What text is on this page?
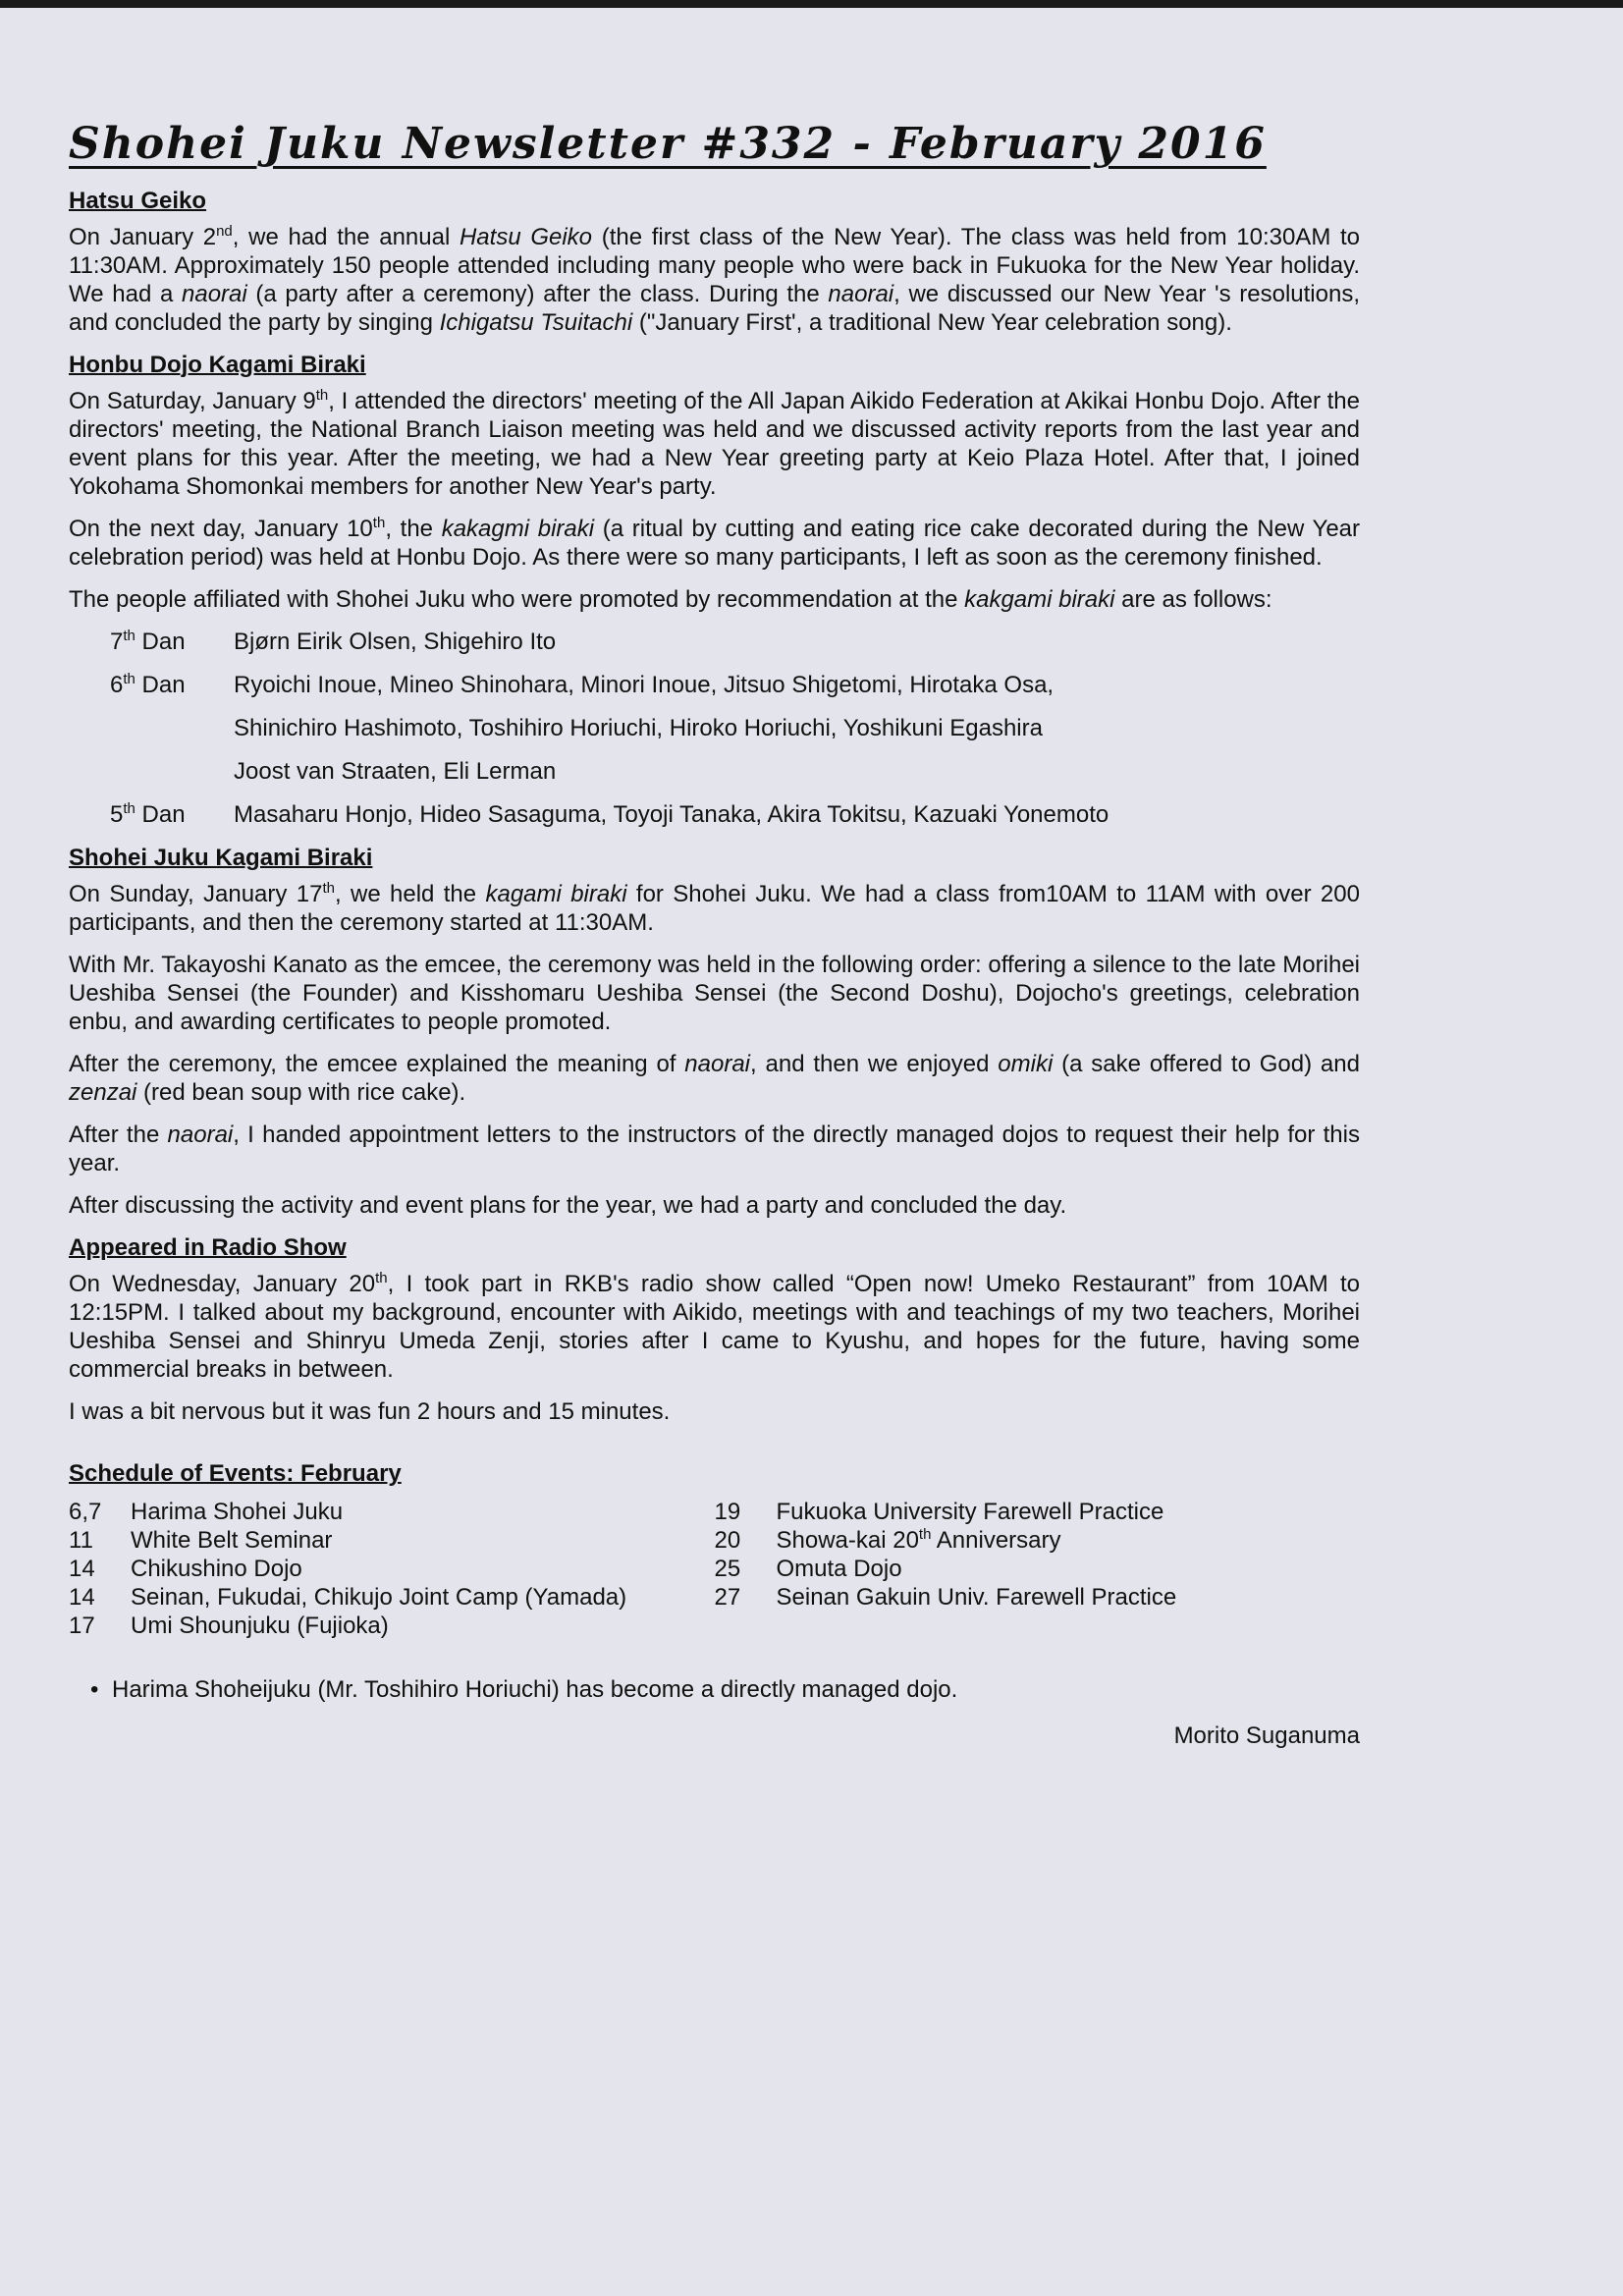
Shohei Juku Newsletter #332 - February 2016
Hatsu Geiko

On January 2nd, we had the annual Hatsu Geiko (the first class of the New Year). The class was held from 10:30AM to 11:30AM. Approximately 150 people attended including many people who were back in Fukuoka for the New Year holiday. We had a naorai (a party after a ceremony) after the class. During the naorai, we discussed our New Year 's resolutions, and concluded the party by singing Ichigatsu Tsuitachi ("January First', a traditional New Year celebration song).

Honbu Dojo Kagami Biraki

On Saturday, January 9th, I attended the directors' meeting of the All Japan Aikido Federation at Akikai Honbu Dojo. After the directors' meeting, the National Branch Liaison meeting was held and we discussed activity reports from the last year and event plans for this year. After the meeting, we had a New Year greeting party at Keio Plaza Hotel. After that, I joined Yokohama Shomonkai members for another New Year's party.

On the next day, January 10th, the kakagmi biraki (a ritual by cutting and eating rice cake decorated during the New Year celebration period) was held at Honbu Dojo. As there were so many participants, I left as soon as the ceremony finished.

The people affiliated with Shohei Juku who were promoted by recommendation at the kakgami biraki are as follows:

7th Dan	Bjørn Eirik Olsen, Shigehiro Ito
6th Dan	Ryoichi Inoue, Mineo Shinohara, Minori Inoue, Jitsuo Shigetomi, Hirotaka Osa,
Shinichiro Hashimoto, Toshihiro Horiuchi, Hiroko Horiuchi, Yoshikuni Egashira
Joost van Straaten, Eli Lerman
5th Dan	Masaharu Honjo, Hideo Sasaguma, Toyoji Tanaka, Akira Tokitsu, Kazuaki Yonemoto
Shohei Juku Kagami Biraki

On Sunday, January 17th, we held the kagami biraki for Shohei Juku. We had a class from10AM to 11AM with over 200 participants, and then the ceremony started at 11:30AM.

With Mr. Takayoshi Kanato as the emcee, the ceremony was held in the following order: offering a silence to the late Morihei Ueshiba Sensei (the Founder) and Kisshomaru Ueshiba Sensei (the Second Doshu), Dojocho's greetings, celebration enbu, and awarding certificates to people promoted.

After the ceremony, the emcee explained the meaning of naorai, and then we enjoyed omiki (a sake offered to God) and zenzai (red bean soup with rice cake).

After the naorai, I handed appointment letters to the instructors of the directly managed dojos to request their help for this year.

After discussing the activity and event plans for the year, we had a party and concluded the day.

Appeared in Radio Show

On Wednesday, January 20th, I took part in RKB's radio show called “Open now! Umeko Restaurant” from 10AM to 12:15PM. I talked about my background, encounter with Aikido, meetings with and teachings of my two teachers, Morihei Ueshiba Sensei and Shinryu Umeda Zenji, stories after I came to Kyushu, and hopes for the future, having some commercial breaks in between.

I was a bit nervous but it was fun 2 hours and 15 minutes.

Schedule of Events: February
6,7	Harima Shohei Juku
11	White Belt Seminar
14	Chikushino Dojo
14	Seinan, Fukudai, Chikujo Joint Camp (Yamada)
17	Umi Shounjuku (Fujioka)
19	Fukuoka University Farewell Practice
20	Showa-kai 20th Anniversary
25	Omuta Dojo
27	Seinan Gakuin Univ. Farewell Practice
• Harima Shoheijuku (Mr. Toshihiro Horiuchi) has become a directly managed dojo.
Morito Suganuma
